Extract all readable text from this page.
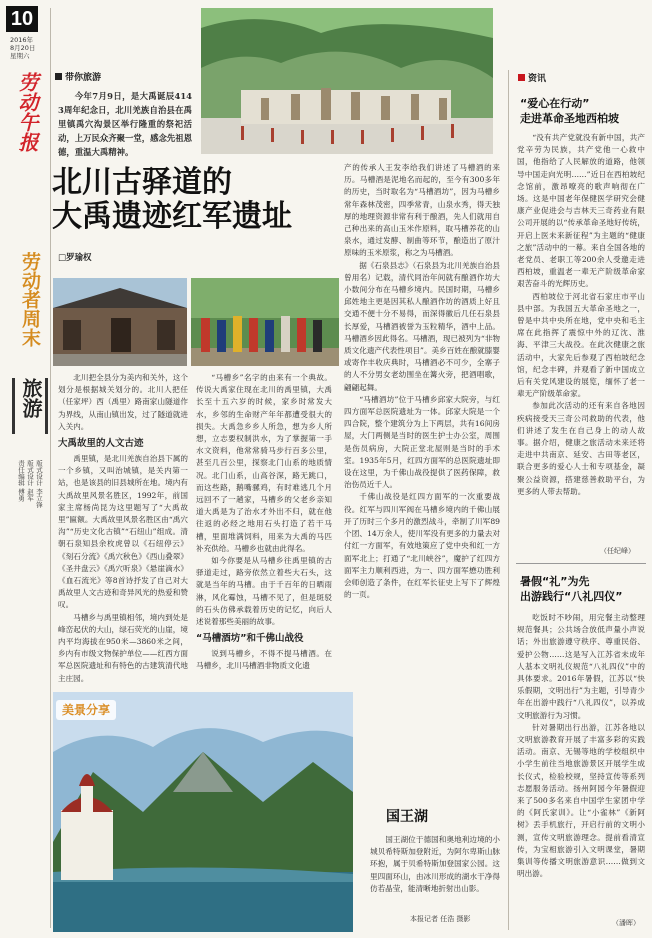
10
2016年
8月20日
星期六
劳动午报
劳动者周末
旅游
版式设计 李立锋
版式设计 赵军
责任编辑 傅勇
带你旅游

今年7月9日，是大禹诞辰4143周年纪念日，北川羌族自治县在禹里镇禹穴沟景区举行隆重的祭祀活动，上万民众齐聚一堂，感念先祖恩德，重温大禹精神。

北川古驿道的
大禹遗迹红军遗址
□罗瑜权

北川把全县分为美内和关外，这个划分是根据城关划分的。北川人把任（任家坪）西（禹里）路南家山隧道作为界线，从南山镇出发，过了隧道就进入关内。

大禹故里的人文古迹

禹里镇，是北川羌族自治县下属的一个乡镇，又叫治城镇，是关内第一站，也是该县的旧县城所在地。境内有大禹故里风景名胜区，1992年，前国家主席杨尚昆为这里题写了“大禹故里”匾额。大禹故里风景名胜区由“禹穴沟”“历史文化古镇”“石纽山”组成。清朝石泉知县余枚虎曾以《石纽停云》《刻石分流》《禹穴秋色》《西山叠翠》《圣井盘云》《禹穴听泉》《悬崖滴水》《血石流光》等8首诗抒发了自己对大禹故里人文古迹和奇异风光的热爱和赞叹。

马槽乡与禹里镇相邻，境内到处是峰峦起伏的大山，绿石荧光的山崖，境内平均海拔在950米—3860米之间，乡内有市级文物保护单位——红西方面军总医院遗址和有特色的古建筑清代地主庄园。

“马槽乡”名字的由来有一个典故。传说大禹家住现在北川的禹里镇，大禹长至十五六岁的时候，家乡时常发大水，乡邻的生命财产年年都遭受很大的损失。大禹急乡乡人所急，想为乡人所想，立志要权制洪水，为了掌握第一手水文资料，他常常骑马步行百多公里，甚至几百公里，探察北门山系的地质情况。北门山系，山高谷深，路无跳口，而这些路，鹅嘴骡鸡，有时难逃几个月远回不了一趟家，马槽乡的父老乡亲知道大禹是为了治水才外出不归，就在他往返的必经之地用石头打造了若干马槽，里面堆满饲料，用来为大禹的马匹补充供给。马槽乡也就由此得名。

如今你要是从马槽乡往禹里镇的古驿道走过，路旁依然立着些大石头，这就是当年的马槽。由于千百年的日晒雨淋，风化霉蚀，马槽不见了，但是斑驳的石头仿佛承载着历史的记忆，向后人述说着那些美丽的故事。

“马槽酒坊”和千佛山战役

说到马槽乡，不得不提马槽酒。在马槽乡，北川马槽酒非物质文化遗

产的传承人王发李给我们讲述了马槽酒的来历。马槽酒是泥地名而起的，至今有300多年的历史，当时取名为“马槽酒坊”，因为马槽乡常年森林茂密，四季常青，山泉水秀，得天独厚的地理资源非常有利于酿酒，先人们就用自己种出来的高山玉米作原料，取马槽养花的山泉水，通过发酵、制曲等环节，酿造出了原汁原味的玉米原浆，称之为马槽酒。

据《石泉县志》（石泉县为北川羌族自治县曾用名）记载，清代同治年间就有酿酒作坊大小数间分布在马槽乡境内。民国时期，马槽乡邱姓地主更是因其私人酿酒作坊的酒质上好且交通不便十分不易得，而深得徽后几任石泉县长厚爱，马槽酒被誉为玉粒精华，酒中上品。马槽酒乡因此得名。马槽酒，现已被列为“非物质文化遗产代表性项目”。美乡百姓在酿就膝婴或寄作丰收庆典时，马槽酒必不可少，全寨子的人不分男女老幼围坐在篝火旁，把酒唱歌，翩翩起舞。

“马槽酒坊”位于马槽乡邱家大院旁，与红四方面军总医院遗址为一体。邱家大院是一个四合院，整个建筑分为上下两层，共有16间房屋，大门两侧是当时的医生护士办公室，周围是伤员病房，大院正堂北屋则是当时的手术室。1935年5月，红四方面军的总医院遗址即设在这里，为千佛山战役提供了医药保障，救治伤员近千人。

千佛山战役是红四方面军的一次重要战役。红军与四川军阀在马槽乡境内的千佛山展开了历时三个多月的激烈战斗，牵制了川军89个团、14万余人，使川军没有更多的力量去对付红一方面军，有效地策应了党中央和红一方面军北上；打通了“北川峡谷”，魔护了红四方面军主力顺利西进，为一、四方面军懋功胜利会师创造了条件，在红军长征史上写下了辉煌的一页。

美景分享
国王湖

国王湖位于德国和奥地利边境的小城贝希特斯加登附近，为阿尔卑斯山脉环抱，属于贝希特斯加登国家公园。这里四面环山，由冰川形成的湖水干净得仿若晶莹，能清晰地折射出山影。

本报记者 任浩 摄影
资讯
“爱心在行动”
走进革命圣地西柏坡

“没有共产党就没有新中国，共产党辛劳为民族，共产党他一心救中国，他指给了人民解放的道路，他领导中国走向光明……”近日在西柏坡纪念馆前，激昂嘹亮的歌声响彻在广场。这是中国老年保健医学研究会健康产业促进会与吉林天三奇药业有限公司开展的以“传承革命圣地好传统，开启上医未来新征程”为主题的“健康之旅”活动中的一幕。来自全国各地的老党员、老职工等200余人受邀走进西柏坡，重温老一辈无产阶级革命家艰苦奋斗的光辉历史。

西柏坡位于河北省石家庄市平山县中部。为我国五大革命圣地之一，曾是中共中央所在地，党中央和毛主席在此指挥了震惊中外的辽沈、淮海、平津三大战役。在此次健康之旅活动中，大家先后参观了西柏坡纪念馆，纪念丰碑，并观看了新中国成立后有关党风建设的展览，缅怀了老一辈无产阶级革命家。

参加此次活动的还有来自各地因疾病接受天三奇公司救助的代表，他们讲述了发生在自己身上的动人故事。据介绍，健康之旅活动未来还将走进中共南京、延安、古田等老区，联合更多的爱心人士和专项基金，凝聚公益资源，搭建慈善救助平台，为更多的人带去帮助。

（任纪峰）
暑假“礼”为先
出游践行“八礼四仪”

吃饭时不吵闹，用完餐主动整理规范餐具；公共场合放低声量小声说话；外出旅游遵守秩序、尊重民俗、爱护公物……这是写入江苏省未成年人基本文明礼仪规范“八礼四仪”中的具体要求。2016年暑假，江苏以“快乐假期，文明出行”为主题，引导青少年在出游中践行“八礼四仪”，以养成文明旅游行为习惯。

针对暑期出行出游，江苏各地以文明旅游教育开展了丰富多彩的实践活动。南京、无锡等地的学校组织中小学生前往当地旅游景区开展学生成长仪式，检验校规，坚持宣传等系列志愿服务活动。扬州阿园今年暑假迎来了500多名来自中国学生家团中学的《阿氏家训》。让“小雀林”《新阿树》丢手机旅行，开启行前的文明小测，宣传文明旅游理念。提前看清宣传，为宝相旅游引入文明课堂，暑期集训等传播文明旅游意识……做到文明出游。

（潘晖）
